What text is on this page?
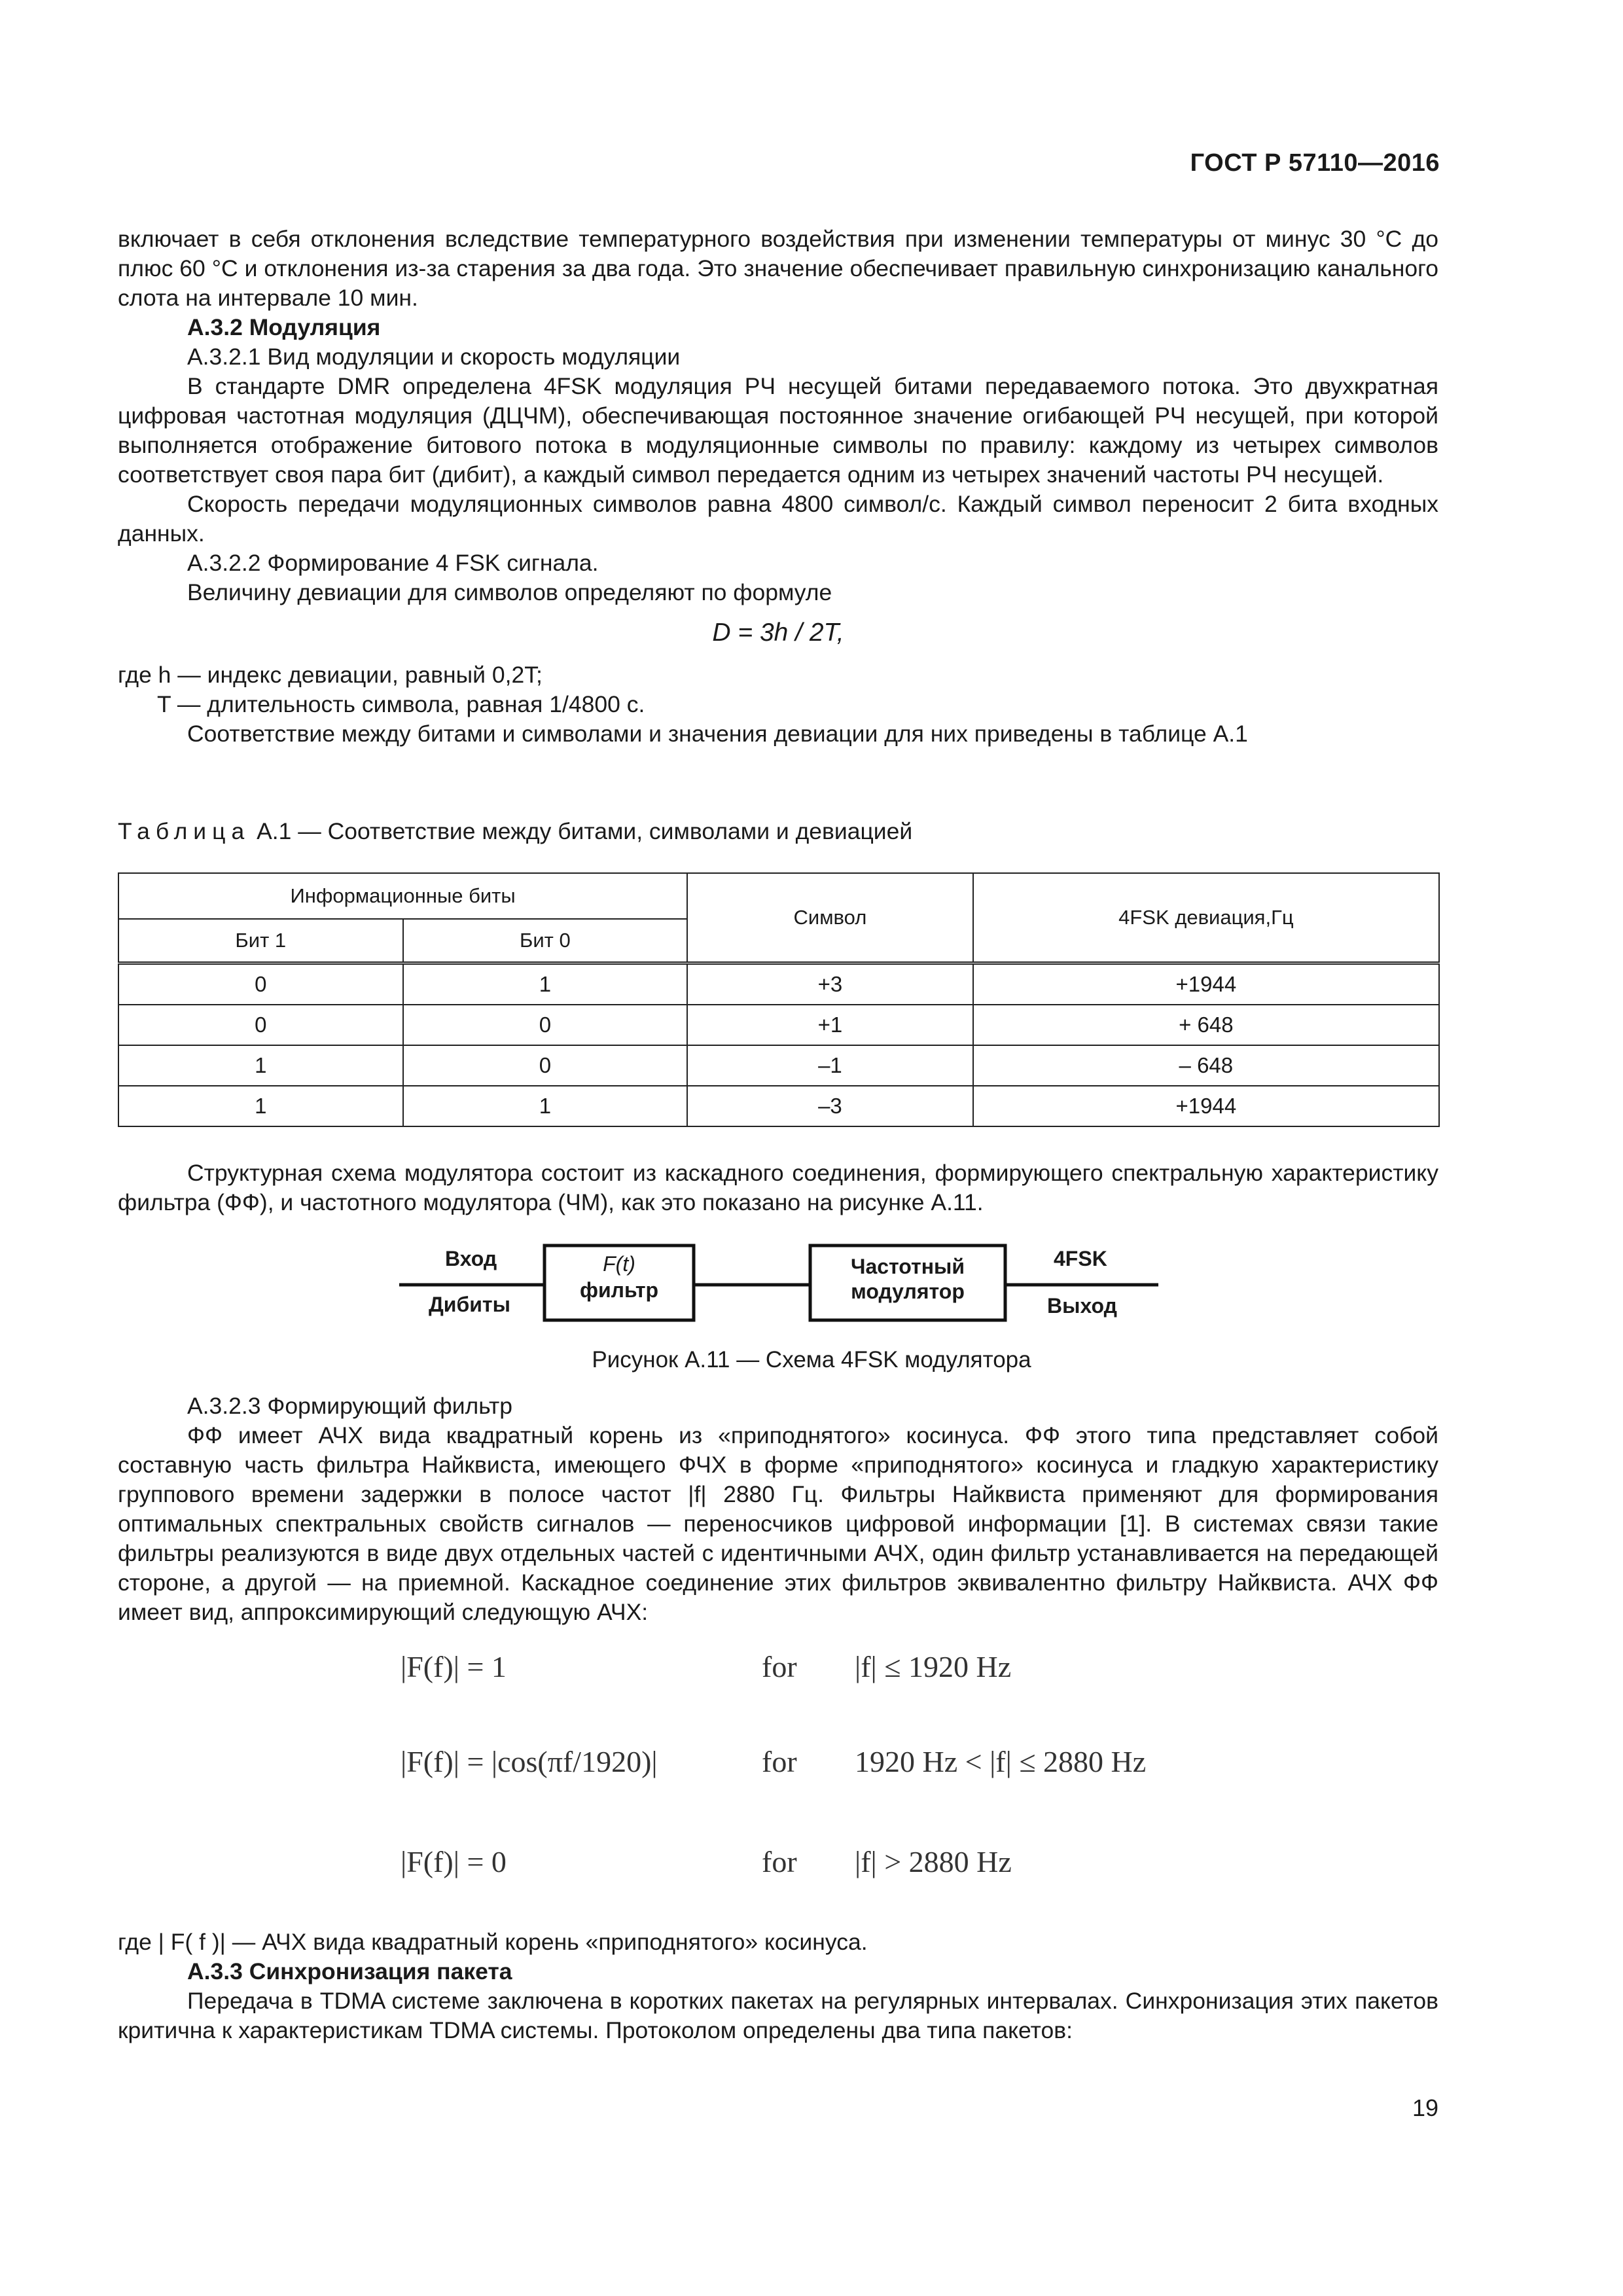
ГОСТ Р 57110—2016

включает в себя отклонения вследствие температурного воздействия при изменении температуры от минус 30 °С до плюс 60 °С и отклонения из-за старения за два года. Это значение обеспечивает правильную синхронизацию канального слота на интервале 10 мин.

А.3.2 Модуляция

А.3.2.1 Вид модуляции и скорость модуляции

В стандарте DMR определена 4FSK модуляция РЧ несущей битами передаваемого потока. Это двухкратная цифровая частотная модуляция (ДЦЧМ), обеспечивающая постоянное значение огибающей РЧ несущей, при которой выполняется отображение битового потока в модуляционные символы по правилу: каждому из четырех символов соответствует своя пара бит (дибит), а каждый символ передается одним из четырех значений частоты РЧ несущей.

Скорость передачи модуляционных символов равна 4800 символ/с. Каждый символ переносит 2 бита входных данных.

А.3.2.2 Формирование 4 FSK сигнала.

Величину девиации для символов определяют по формуле

D = 3h / 2T,

где h — индекс девиации, равный 0,2T;

T — длительность символа, равная 1/4800 с.

Соответствие между битами и символами и значения девиации для них приведены в таблице А.1

Таблица А.1 — Соответствие между битами, символами и девиацией
Информационные биты		Символ	4FSK девиация,Гц
Бит 1	Бит 0		
0	1	+3	+1944
0	0	+1	+ 648
1	0	–1	– 648
1	1	–3	+1944

Структурная схема модулятора состоит из каскадного соединения, формирующего спектральную характеристику фильтра (ФФ), и частотного модулятора (ЧМ), как это показано на рисунке А.11.

Вход
Дибиты
F(t)
фильтр
Частотный
модулятор
4FSK
Выход
Рисунок А.11 — Схема 4FSK модулятора

А.3.2.3 Формирующий фильтр

ФФ имеет АЧХ вида квадратный корень из «приподнятого» косинуса. ФФ этого типа представляет собой составную часть фильтра Найквиста, имеющего ФЧХ в форме «приподнятого» косинуса и гладкую характеристику группового времени задержки в полосе частот |f| 2880 Гц. Фильтры Найквиста применяют для формирования оптимальных спектральных свойств сигналов — переносчиков цифровой информации [1]. В системах связи такие фильтры реализуются в виде двух отдельных частей с идентичными АЧХ, один фильтр устанавливается на передающей стороне, а другой — на приемной. Каскадное соединение этих фильтров эквивалентно фильтру Найквиста. АЧХ ФФ имеет вид, аппроксимирующий следующую АЧХ:

|F(f)| = 1	for |f| ≤ 1920 Hz
|F(f)| = |cos(πf/1920)|	for 1920 Hz < |f| ≤ 2880 Hz
|F(f)| = 0	for |f| > 2880 Hz

где | F( f )| — АЧХ вида квадратный корень «приподнятого» косинуса.

А.3.3 Синхронизация пакета

Передача в TDMA системе заключена в коротких пакетах на регулярных интервалах. Синхронизация этих пакетов критична к характеристикам TDMA системы. Протоколом определены два типа пакетов:

19
